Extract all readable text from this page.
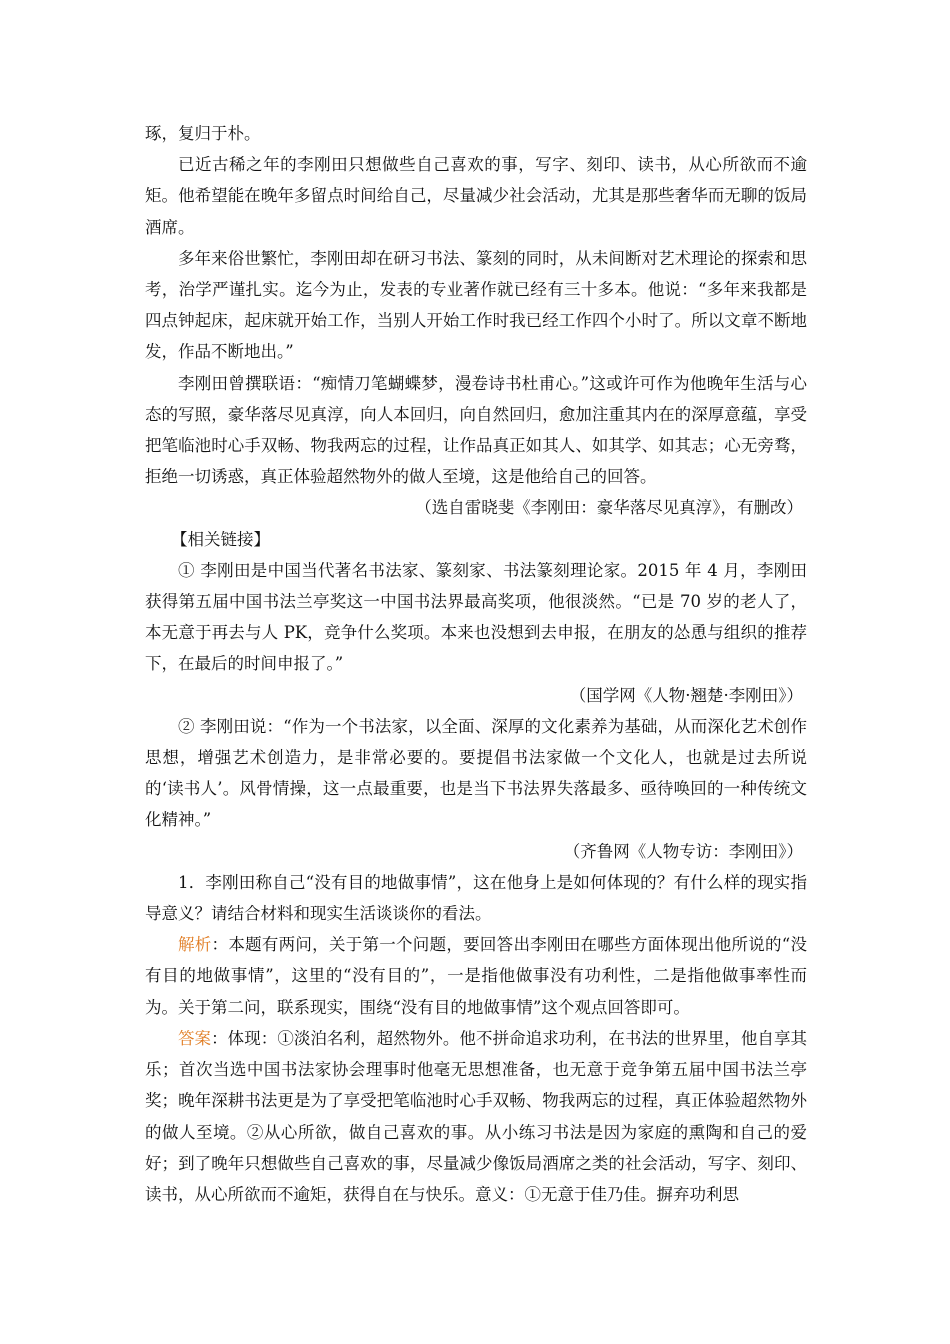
琢，复归于朴。

已近古稀之年的李刚田只想做些自己喜欢的事，写字、刻印、读书，从心所欲而不逾矩。他希望能在晚年多留点时间给自己，尽量减少社会活动，尤其是那些奢华而无聊的饭局酒席。

多年来俗世繁忙，李刚田却在研习书法、篆刻的同时，从未间断对艺术理论的探索和思考，治学严谨扎实。迄今为止，发表的专业著作就已经有三十多本。他说：“多年来我都是四点钟起床，起床就开始工作，当别人开始工作时我已经工作四个小时了。所以文章不断地发，作品不断地出。”

李刚田曾撰联语：“痴情刀笔蝴蝶梦，漫卷诗书杜甫心。”这或许可作为他晚年生活与心态的写照，豪华落尽见真淳，向人本回归，向自然回归，愈加注重其内在的深厚意蕴，享受把笔临池时心手双畅、物我两忘的过程，让作品真正如其人、如其学、如其志；心无旁骛，拒绝一切诱惑，真正体验超然物外的做人至境，这是他给自己的回答。

（选自雷晓斐《李刚田：豪华落尽见真淳》，有删改）

【相关链接】

① 李刚田是中国当代著名书法家、篆刻家、书法篆刻理论家。2015 年 4 月，李刚田获得第五届中国书法兰亭奖这一中国书法界最高奖项，他很淡然。“已是 70 岁的老人了，本无意于再去与人 PK，竞争什么奖项。本来也没想到去申报，在朋友的怂恿与组织的推荐下，在最后的时间申报了。”

（国学网《人物·翘楚·李刚田》）

② 李刚田说：“作为一个书法家，以全面、深厚的文化素养为基础，从而深化艺术创作思想，增强艺术创造力，是非常必要的。要提倡书法家做一个文化人，也就是过去所说的‘读书人’。风骨情操，这一点最重要，也是当下书法界失落最多、亟待唤回的一种传统文化精神。”

（齐鲁网《人物专访：李刚田》）

1．李刚田称自己“没有目的地做事情”，这在他身上是如何体现的？有什么样的现实指导意义？请结合材料和现实生活谈谈你的看法。

解析：本题有两问，关于第一个问题，要回答出李刚田在哪些方面体现出他所说的“没有目的地做事情”，这里的“没有目的”，一是指他做事没有功利性，二是指他做事率性而为。关于第二问，联系现实，围绕“没有目的地做事情”这个观点回答即可。

答案：体现：①淡泊名利，超然物外。他不拼命追求功利，在书法的世界里，他自享其乐；首次当选中国书法家协会理事时他毫无思想准备，也无意于竞争第五届中国书法兰亭奖；晚年深耕书法更是为了享受把笔临池时心手双畅、物我两忘的过程，真正体验超然物外的做人至境。②从心所欲，做自己喜欢的事。从小练习书法是因为家庭的熏陶和自己的爱好；到了晚年只想做些自己喜欢的事，尽量减少像饭局酒席之类的社会活动，写字、刻印、读书，从心所欲而不逾矩，获得自在与快乐。意义：①无意于佳乃佳。摒弃功利思
